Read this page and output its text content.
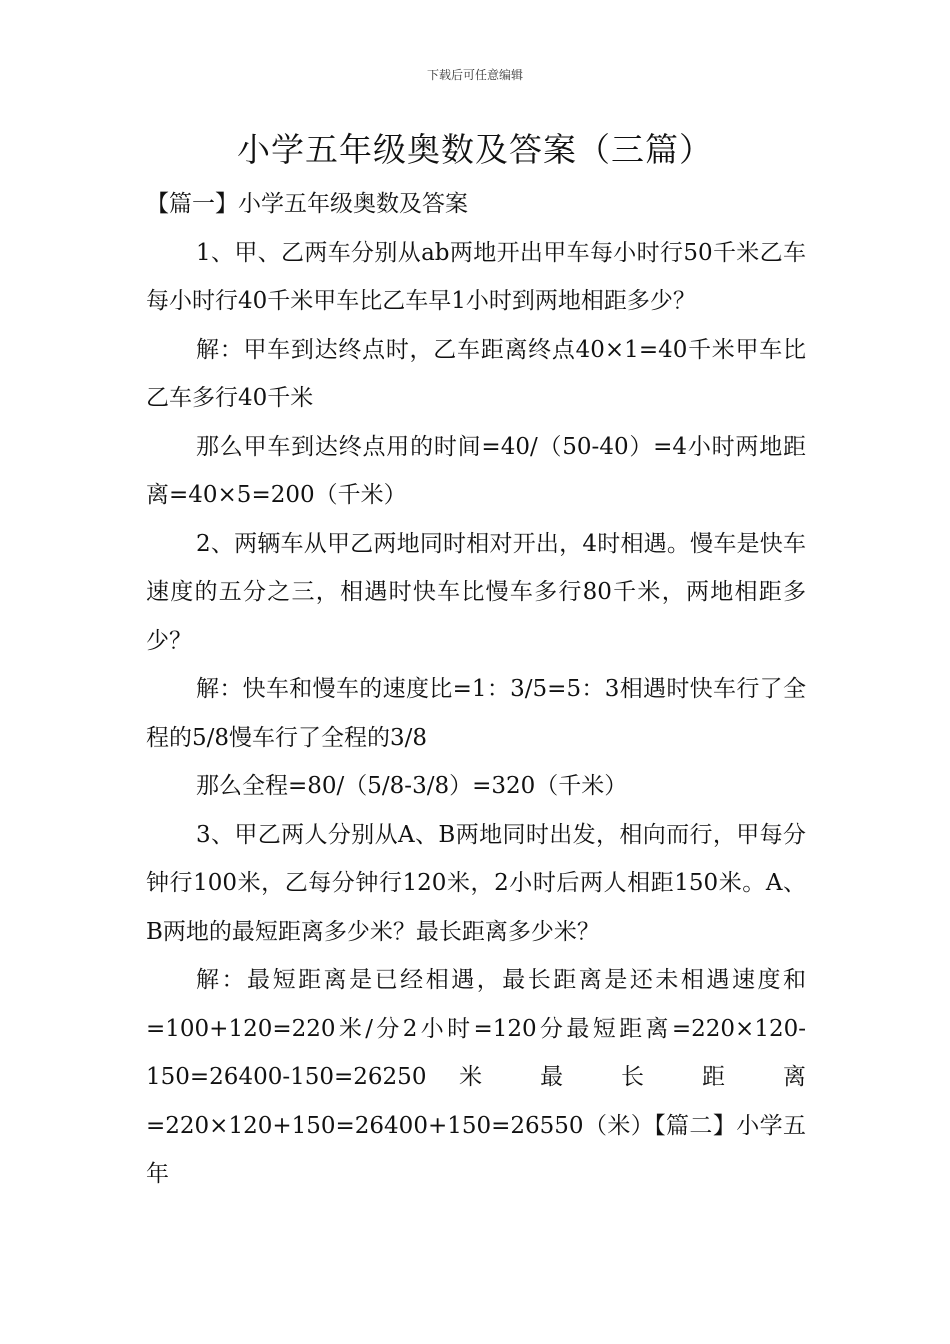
下载后可任意编辑
小学五年级奥数及答案（三篇）

【篇一】小学五年级奥数及答案

1、甲、乙两车分别从ab两地开出甲车每小时行50千米乙车每小时行40千米甲车比乙车早1小时到两地相距多少？

解：甲车到达终点时，乙车距离终点40×1=40千米甲车比乙车多行40千米

那么甲车到达终点用的时间=40/（50-40）=4小时两地距离=40×5=200（千米）

2、两辆车从甲乙两地同时相对开出，4时相遇。慢车是快车速度的五分之三，相遇时快车比慢车多行80千米，两地相距多少？

解：快车和慢车的速度比=1：3/5=5：3相遇时快车行了全程的5/8慢车行了全程的3/8

那么全程=80/（5/8-3/8）=320（千米）

3、甲乙两人分别从A、B两地同时出发，相向而行，甲每分钟行100米，乙每分钟行120米，2小时后两人相距150米。A、B两地的最短距离多少米？最长距离多少米？

解：最短距离是已经相遇，最长距离是还未相遇速度和=100+120=220米/分2小时=120分最短距离=220×120-150=26400-150=26250 米 最 长 距 离 =220×120+150=26400+150=26550（米）【篇二】小学五年
